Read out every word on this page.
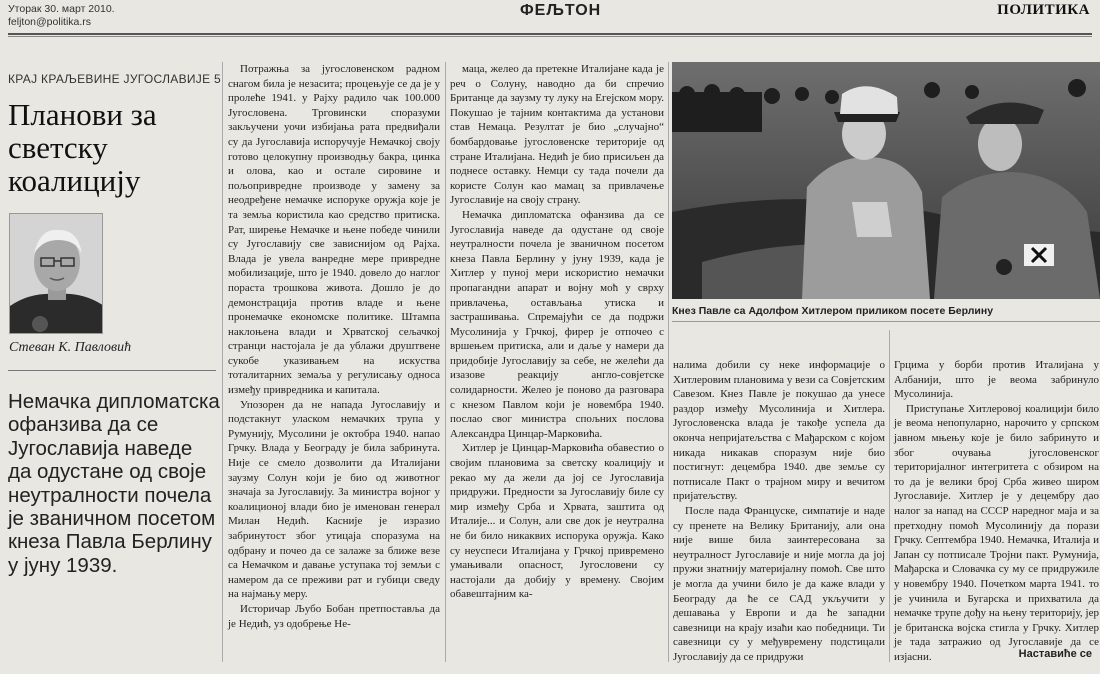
Уторак 30. март 2010.
feljton@politika.rs
ФЕЉТОН	ПОЛИТИКА
КРАЈ КРАЉЕВИНЕ ЈУГОСЛАВИЈЕ 5
Планови за светску коалицију
Стеван К. Павловић
Немачка дипломатска офанзива да се Југославија наведе да одустане од своје неутралности почела је званичном посетом кнеза Павла Берлину у јуну 1939.

Потражња за југословенском радном снагом била је незасита; процењује се да је у пролеће 1941. у Рајху радило чак 100.000 Југословена. Трговински споразуми закључени уочи избијања рата предвиђали су да Југославија испоручује Немачкој своју готово целокупну производњу бакра, цинка и олова, као и остале сировине и пољопривредне производе у замену за неодређене немачке испоруке оружја које је та земља користила као средство притиска. Рат, ширење Немачке и њене победе чинили су Југославију све зависнијом од Рајха. Влада је увела ванредне мере привредне мобилизације, што је 1940. довело до наглог пораста трошкова живота. Дошло је до демонстрација против владе и њене пронемачке економске политике. Штампа наклоњена влади и Хрватској сељачкој странци настојала је да ублажи друштвене сукобе указивањем на искуства тоталитарних земаља у регулисању односа између привредника и капитала.

Упозорен да не напада Југославију и подстакнут уласком немачких трупа у Румунију, Мусолини је октобра 1940. напао Грчку. Влада у Београду је била забринута. Није се смело дозволити да Италијани заузму Солун који је био од животног значаја за Југославију. За министра војног у коалиционој влади био је именован генерал Милан Недић. Касније је изразио забринутост због утицаја споразума на одбрану и почео да се залаже за ближе везе са Немачком и давање уступака тој земљи с намером да се преживи рат и губици сведу на најмању меру.

Историчар Љубо Бобан претпоставља да је Недић, уз одобрење Не-

маца, желео да претекне Италијане када је реч о Солуну, наводно да би спречио Британце да заузму ту луку на Егејском мору. Покушао је тајним контактима да установи став Немаца. Резултат је био „случајно“ бомбардовање југословенске територије од стране Италијана. Недић је био присиљен да поднесе оставку. Немци су тада почели да користе Солун као мамац за привлачење Југославије на своју страну.

Немачка дипломатска офанзива да се Југославија наведе да одустане од своје неутралности почела је званичном посетом кнеза Павла Берлину у јуну 1939, када је Хитлер у пуној мери искористио немачки пропагандни апарат и војну моћ у сврху привлачења, остављања утиска и застрашивања. Спремајући се да подржи Мусолинија у Грчкој, фирер је отпочео с вршењем притиска, али и даље у намери да придобије Југославију за себе, не желећи да изазове реакцију англо-совјетске солидарности. Желео је поново да разговара с кнезом Павлом који је новембра 1940. послао свог министра спољних послова Александра Цинцар-Марковића.

Хитлер је Цинцар-Марковића обавестио о својим плановима за светску коалицију и рекао му да жели да јој се Југославија придружи. Предности за Југославију биле су мир између Срба и Хрвата, заштита од Италије... и Солун, али све док је неутрална не би било никаквих испорука оружја. Како су неуспеси Италијана у Грчкој привремено умањивали опасност, Југословени су настојали да добију у времену. Својим обавештајним ка-

Кнез Павле са Адолфом Хитлером приликом посете Берлину

налима добили су неке информације о Хитлеровим плановима у вези са Совјетским Савезом. Кнез Павле је покушао да унесе раздор између Мусолинија и Хитлера. Југословенска влада је такође успела да оконча непријатељства с Мађарском с којом никада никакав споразум није био постигнут: децембра 1940. две земље су потписале Пакт о трајном миру и вечитом пријатељству.

После пада Француске, симпатије и наде су пренете на Велику Британију, али она није више била заинтересована за неутралност Југославије и није могла да јој пружи знатнију материјалну помоћ. Све што је могла да учини било је да каже влади у Београду да ће се САД укључити у дешавања у Европи и да ће западни савезници на крају изаћи као победници. Ти савезници су у међувремену подстицали Југославију да се придружи

Грцима у борби против Италијана у Албанији, што је веома забринуло Мусолинија.

Приступање Хитлеровој коалицији било је веома непопуларно, нарочито у српском јавном мњењу које је било забринуто и због очувања југословенског територијалног интегритета с обзиром на то да је велики број Срба живео широм Југославије. Хитлер је у децембру дао налог за напад на СССР наредног маја и за претходну помоћ Мусолинију да порази Грчку. Септембра 1940. Немачка, Италија и Јапан су потписале Тројни пакт. Румунија, Мађарска и Словачка су му се придружиле у новембру 1940. Почетком марта 1941. то је учинила и Бугарска и прихватила да немачке трупе дођу на њену територију, јер је британска војска стигла у Грчку. Хитлер је тада затражио од Југославије да се изјасни.	Наставиће се
